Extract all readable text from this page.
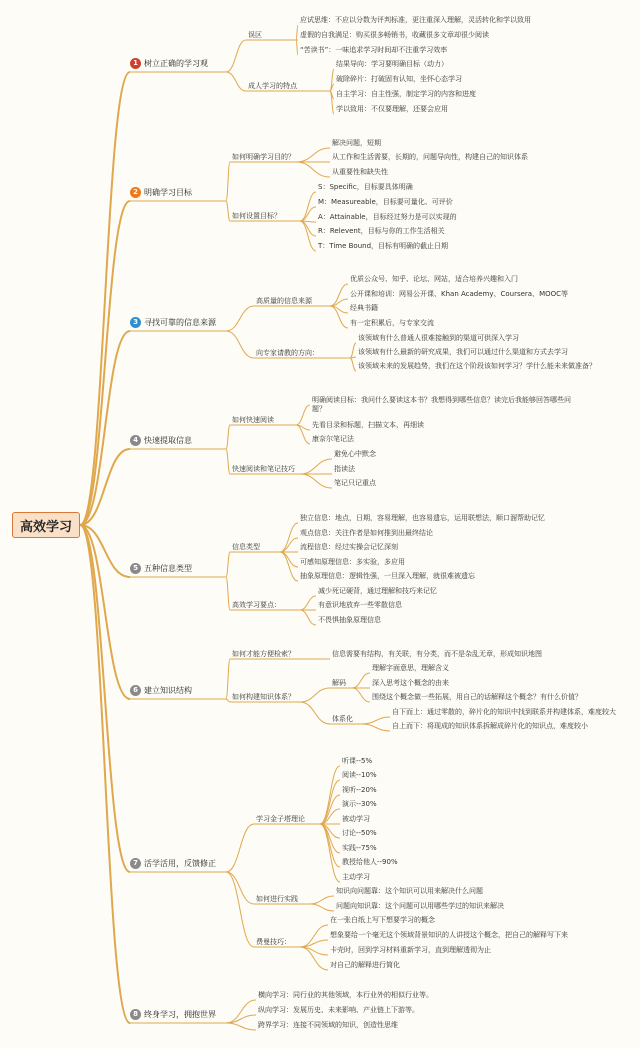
高效学习
1 树立正确的学习观
2 明确学习目标
3 寻找可靠的信息来源
4 快速提取信息
5 五种信息类型
6 建立知识结构
7 活学活用，反馈修正
8 终身学习，拥抱世界
误区
应试思维：不应以分数为评判标准，更注重深入理解，灵活转化和学以致用
虚假的自我满足：购买很多畅销书，收藏很多文章却很少阅读
“苦读书”：一味追求学习时间却不注重学习效率
成人学习的特点
结果导向：学习要明确目标（动力）
破除碎片：打破固有认知，坐怀心态学习
自主学习：自主性强，制定学习的内容和进度
学以致用：不仅要理解，还要会应用
如何明确学习目的？
解决问题，短期
从工作和生活需要，长期的，问题导向性，构建自己的知识体系
从重要性和缺失性
如何设置目标？
S：Specific，目标要具体明确
M：Measureable，目标要可量化、可评价
A：Attainable，目标经过努力是可以实现的
R：Relevent，目标与你的工作生活相关
T：Time Bound，目标有明确的截止日期
高质量的信息来源
优质公众号、知乎、论坛、网站，适合培养兴趣和入门
公开课和培训：网易公开课、Khan Academy、Coursera、MOOC等
经典书籍
有一定积累后，与专家交流
向专家请教的方向：
该领域有什么普通人很难接触到的渠道可供深入学习
该领域有什么最新的研究成果，我们可以通过什么渠道和方式去学习
该领域未来的发展趋势，我们在这个阶段该如何学习？学什么能未来做准备？
如何快速阅读
明确阅读目标：我问什么要读这本书？我想得到哪些信息？读完后我能够回答哪些问题？
先看目录和标题，扫描文本，再细读
康奈尔笔记法
快速阅读和笔记技巧
避免心中默念
指读法
笔记只记重点
信息类型
独立信息：地点，日期，容易理解，也容易遗忘，运用联想法，顺口溜帮助记忆
观点信息：关注作者是如何推到出最终结论
流程信息：经过实操会记忆深刻
可感知原理信息：多实验，多应用
抽象原理信息：逻辑性强，一旦深入理解，就很难被遗忘
高效学习要点：
减少死记硬背，通过理解和技巧来记忆
有意识地放弃一些零散信息
不畏惧抽象原理信息
如何才能方便检索？	信息需要有结构，有关联，有分类，而不是杂乱无章，形成知识地图
如何构建知识体系？
解码
理解字面意思，理解含义
深入思考这个概念的由来
围绕这个概念做一些拓展，用自己的话解释这个概念？有什么价值？
体系化
自下而上：通过零散的，碎片化的知识中找到联系并构建体系，难度较大
自上而下：将现成的知识体系拆解成碎片化的知识点，难度较小
学习金子塔理论
听课--5%
阅读--10%
视听--20%
演示--30%
被动学习
讨论--50%
实践--75%
教授给他人--90%
主动学习
如何进行实践
知识向问题靠：这个知识可以用来解决什么问题
问题向知识靠：这个问题可以用哪些学过的知识来解决
费曼技巧：
在一张白纸上写下想要学习的概念
想象要给一个毫无这个领域背景知识的人讲授这个概念，把自己的解释写下来
卡壳时，回到学习材料重新学习，直到理解透彻为止
对自己的解释进行简化
横向学习：同行业的其他领域，本行业外的相似行业等。
纵向学习：发展历史、未来影响、产业链上下游等。
跨界学习：连接不同领域的知识，创造性思维
